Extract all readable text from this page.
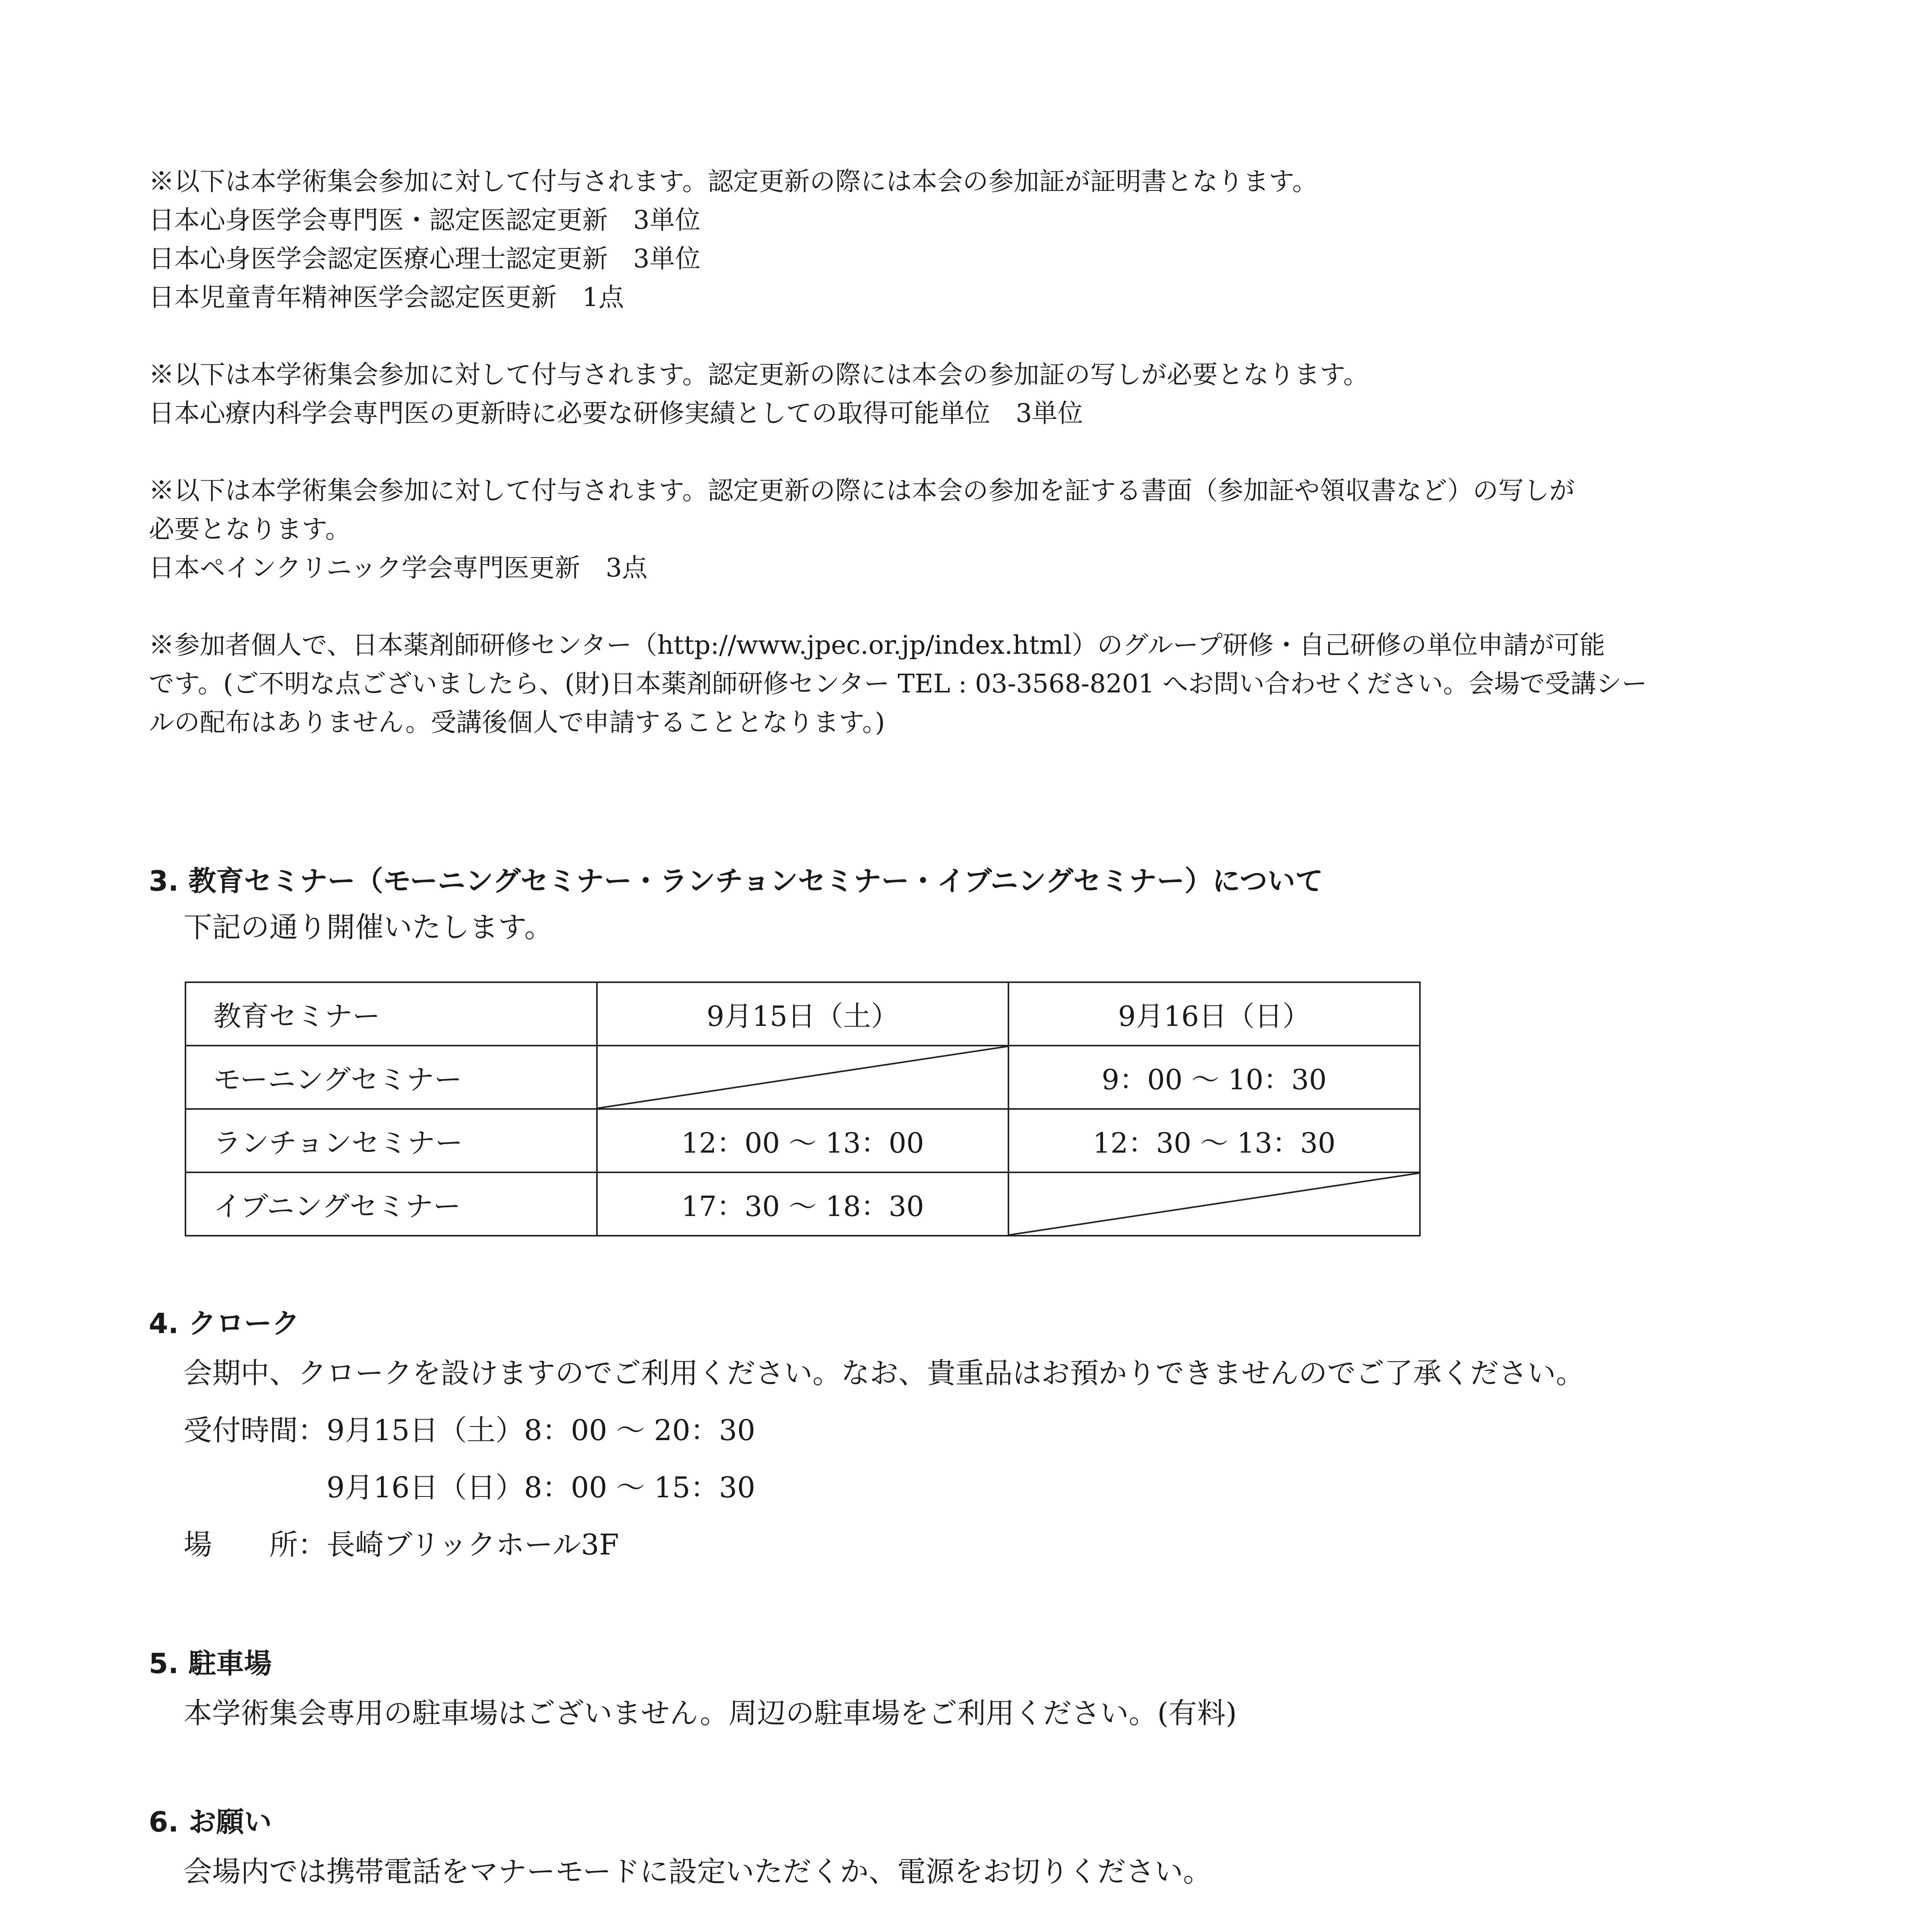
※以下は本学術集会参加に対して付与されます。認定更新の際には本会の参加証が証明書となります。
日本心身医学会専門医・認定医認定更新　3単位
日本心身医学会認定医療心理士認定更新　3単位
日本児童青年精神医学会認定医更新　1点
※以下は本学術集会参加に対して付与されます。認定更新の際には本会の参加証の写しが必要となります。
日本心療内科学会専門医の更新時に必要な研修実績としての取得可能単位　3単位
※以下は本学術集会参加に対して付与されます。認定更新の際には本会の参加を証する書面（参加証や領収書など）の写しが
必要となります。
日本ペインクリニック学会専門医更新　3点
※参加者個人で、日本薬剤師研修センター（http://www.jpec.or.jp/index.html）のグループ研修・自己研修の単位申請が可能
です。(ご不明な点ございましたら、(財)日本薬剤師研修センター TEL : 03-3568-8201 へお問い合わせください。会場で受講シー
ルの配布はありません。受講後個人で申請することとなります。)
3. 教育セミナー（モーニングセミナー・ランチョンセミナー・イブニングセミナー）について
下記の通り開催いたします。
教育セミナー	9月15日（土）	9月16日（日）
モーニングセミナー		9：00 ～ 10：30
ランチョンセミナー	12：00 ～ 13：00	12：30 ～ 13：30
イブニングセミナー	17：30 ～ 18：30	
4. クローク
会期中、クロークを設けますのでご利用ください。なお、貴重品はお預かりできませんのでご了承ください。
受付時間：9月15日（土）8：00 ～ 20：30
9月16日（日）8：00 ～ 15：30
場　　所：長崎ブリックホール3F
5. 駐車場
本学術集会専用の駐車場はございません。周辺の駐車場をご利用ください。(有料)
6. お願い
会場内では携帯電話をマナーモードに設定いただくか、電源をお切りください。
